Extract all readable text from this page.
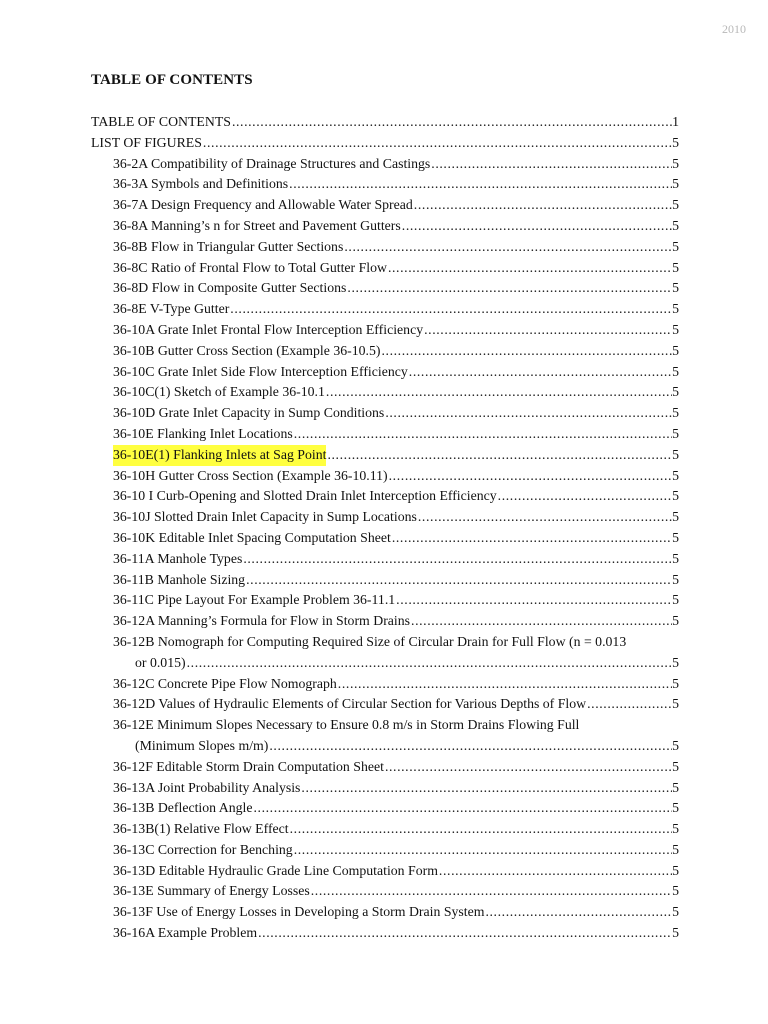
2010
TABLE OF CONTENTS
TABLE OF CONTENTS .....	1
LIST OF FIGURES .....	5
36-2A Compatibility of Drainage Structures and Castings .....	5
36-3A Symbols and Definitions .....	5
36-7A Design Frequency and Allowable Water Spread .....	5
36-8A Manning’s n for Street and Pavement Gutters .....	5
36-8B Flow in Triangular Gutter Sections .....	5
36-8C Ratio of Frontal Flow to Total Gutter Flow .....	5
36-8D Flow in Composite Gutter Sections .....	5
36-8E V-Type Gutter .....	5
36-10A Grate Inlet Frontal Flow Interception Efficiency .....	5
36-10B Gutter Cross Section (Example 36-10.5) .....	5
36-10C Grate Inlet Side Flow Interception Efficiency .....	5
36-10C(1) Sketch of Example 36-10.1 .....	5
36-10D Grate Inlet Capacity in Sump Conditions .....	5
36-10E Flanking Inlet Locations .....	5
36-10E(1) Flanking Inlets at Sag Point .....	5
36-10H Gutter Cross Section (Example 36-10.11) .....	5
36-10 I Curb-Opening and Slotted Drain Inlet Interception Efficiency .....	5
36-10J Slotted Drain Inlet Capacity in Sump Locations .....	5
36-10K Editable Inlet Spacing Computation Sheet .....	5
36-11A Manhole Types .....	5
36-11B Manhole Sizing .....	5
36-11C Pipe Layout For Example Problem 36-11.1 .....	5
36-12A Manning’s Formula for Flow in Storm Drains .....	5
36-12B Nomograph for Computing Required Size of Circular Drain for Full Flow (n = 0.013
or 0.015) .....	5
36-12C Concrete Pipe Flow Nomograph .....	5
36-12D Values of Hydraulic Elements of Circular Section for Various Depths of Flow .....	5
36-12E Minimum Slopes Necessary to Ensure 0.8 m/s in Storm Drains Flowing Full
(Minimum Slopes m/m) .....	5
36-12F Editable Storm Drain Computation Sheet .....	5
36-13A Joint Probability Analysis .....	5
36-13B Deflection Angle .....	5
36-13B(1) Relative Flow Effect .....	5
36-13C Correction for Benching .....	5
36-13D Editable Hydraulic Grade Line Computation Form .....	5
36-13E Summary of Energy Losses .....	5
36-13F Use of Energy Losses in Developing a Storm Drain System .....	5
36-16A Example Problem .....	5
